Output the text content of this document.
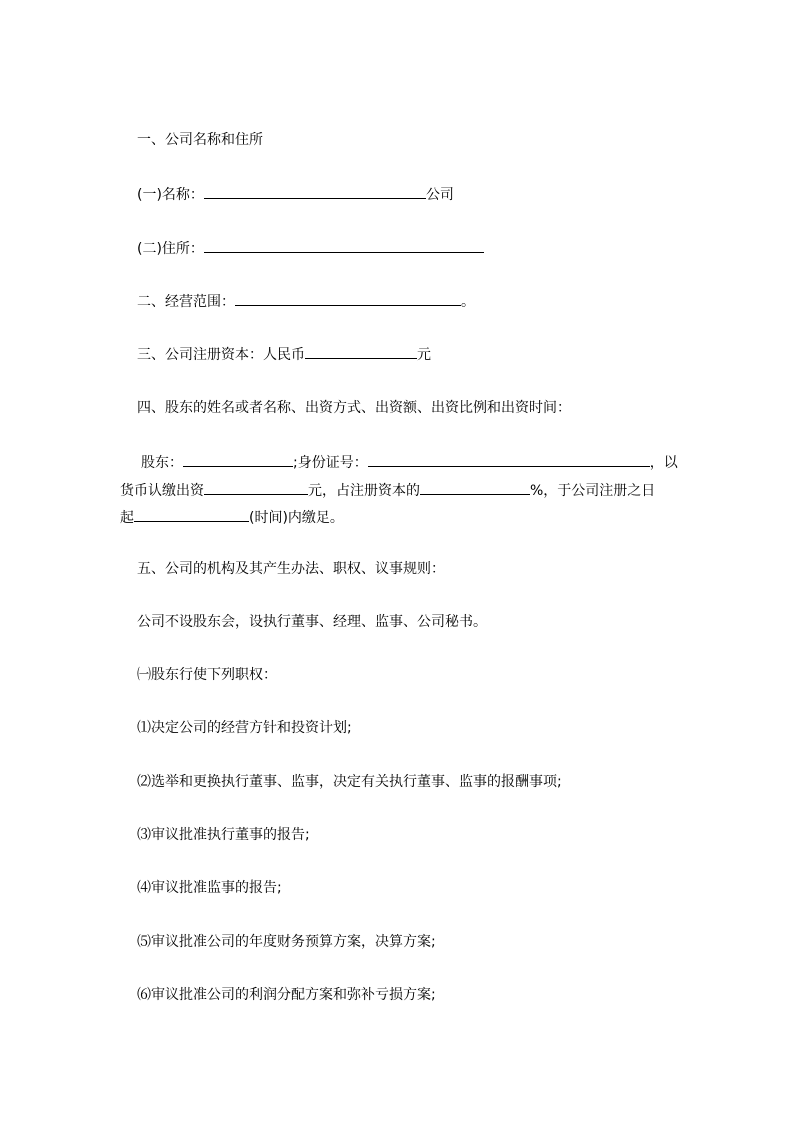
一、公司名称和住所
(一)名称：	公司
(二)住所：
二、经营范围：	。
三、公司注册资本：人民币	元
四、股东的姓名或者名称、出资方式、出资额、出资比例和出资时间：
股东：	;身份证号：	，以
货币认缴出资	元，占注册资本的	%，于公司注册之日
起	(时间)内缴足。
五、公司的机构及其产生办法、职权、议事规则：
公司不设股东会，设执行董事、经理、监事、公司秘书。
㈠股东行使下列职权：
⑴决定公司的经营方针和投资计划;
⑵选举和更换执行董事、监事，决定有关执行董事、监事的报酬事项;
⑶审议批准执行董事的报告;
⑷审议批准监事的报告;
⑸审议批准公司的年度财务预算方案，决算方案;
⑹审议批准公司的利润分配方案和弥补亏损方案;
